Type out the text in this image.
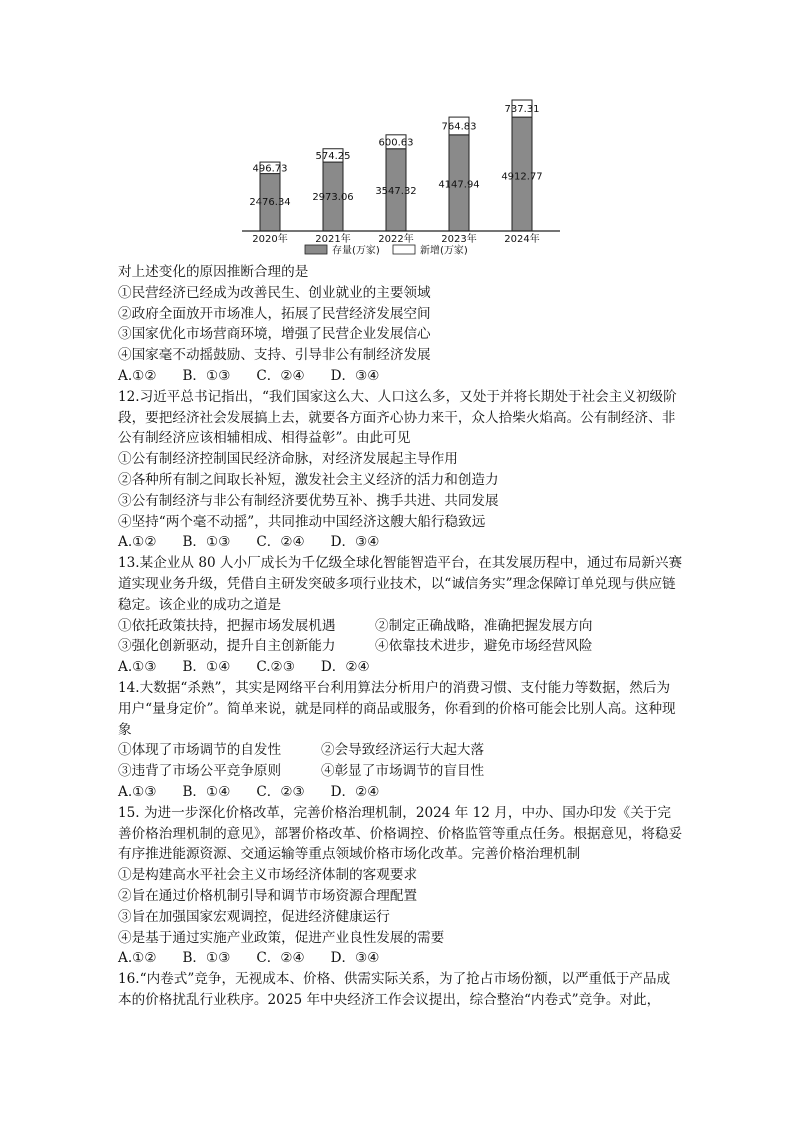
2476.34
496.73
2973.06
574.25
3547.32
600.63
4147.94
764.83
4912.77
737.31
2020年	2021年	2022年	2023年	2024年
存量(万家)	新增(万家)
对上述变化的原因推断合理的是
①民营经济已经成为改善民生、创业就业的主要领域
②政府全面放开市场准人，拓展了民营经济发展空间
③国家优化市场营商环境，增强了民营企业发展信心
④国家毫不动摇鼓励、支持、引导非公有制经济发展
A.①②      B．①③      C．②④      D．③④
12.习近平总书记指出，“我们国家这么大、人口这么多，又处于并将长期处于社会主义初级阶段，要把经济社会发展搞上去，就要各方面齐心协力来干，众人拾柴火焰高。公有制经济、非公有制经济应该相辅相成、相得益彰”。由此可见
①公有制经济控制国民经济命脉，对经济发展起主导作用
②各种所有制之间取长补短，激发社会主义经济的活力和创造力
③公有制经济与非公有制经济要优势互补、携手共进、共同发展
④坚持“两个毫不动摇”，共同推动中国经济这艘大船行稳致远
A.①②      B．①③      C．②④      D．③④
13.某企业从 80 人小厂成长为千亿级全球化智能智造平台，在其发展历程中，通过布局新兴赛道实现业务升级，凭借自主研发突破多项行业技术，以“诚信务实”理念保障订单兑现与供应链稳定。该企业的成功之道是
①依托政策扶持，把握市场发展机遇	②制定正确战略，准确把握发展方向
③强化创新驱动，提升自主创新能力	④依靠技术进步，避免市场经营风险
A.①③      B．①④      C.②③      D．②④
14.大数据“杀熟”，其实是网络平台利用算法分析用户的消费习惯、支付能力等数据，然后为用户“量身定价”。简单来说，就是同样的商品或服务，你看到的价格可能会比别人高。这种现象
①体现了市场调节的自发性	②会导致经济运行大起大落
③违背了市场公平竞争原则	④彰显了市场调节的盲目性
A.①③      B．①④      C．②③      D．②④
15. 为进一步深化价格改革，完善价格治理机制，2024 年 12 月，中办、国办印发《关于完善价格治理机制的意见》，部署价格改革、价格调控、价格监管等重点任务。根据意见，将稳妥有序推进能源资源、交通运输等重点领域价格市场化改革。完善价格治理机制
①是构建高水平社会主义市场经济体制的客观要求
②旨在通过价格机制引导和调节市场资源合理配置
③旨在加强国家宏观调控，促进经济健康运行
④是基于通过实施产业政策，促进产业良性发展的需要
A.①②      B．①③      C．②④      D．③④
16.“内卷式”竞争，无视成本、价格、供需实际关系，为了抢占市场份额，以严重低于产品成本的价格扰乱行业秩序。2025 年中央经济工作会议提出，综合整治“内卷式”竞争。对此，
